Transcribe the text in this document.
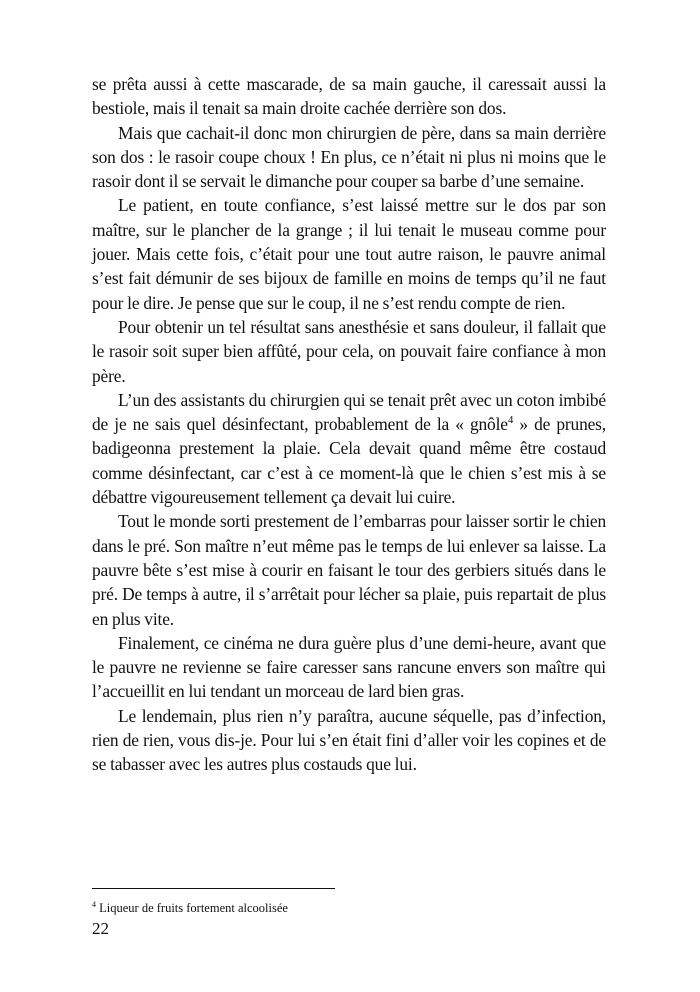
se prêta aussi à cette mascarade, de sa main gauche, il caressait aussi la bestiole, mais il tenait sa main droite cachée derrière son dos.

Mais que cachait-il donc mon chirurgien de père, dans sa main derrière son dos : le rasoir coupe choux ! En plus, ce n’était ni plus ni moins que le rasoir dont il se servait le dimanche pour couper sa barbe d’une semaine.

Le patient, en toute confiance, s’est laissé mettre sur le dos par son maître, sur le plancher de la grange ; il lui tenait le museau comme pour jouer. Mais cette fois, c’était pour une tout autre raison, le pauvre animal s’est fait démunir de ses bijoux de famille en moins de temps qu’il ne faut pour le dire. Je pense que sur le coup, il ne s’est rendu compte de rien.

Pour obtenir un tel résultat sans anesthésie et sans douleur, il fallait que le rasoir soit super bien affûté, pour cela, on pouvait faire confiance à mon père.

L’un des assistants du chirurgien qui se tenait prêt avec un coton imbibé de je ne sais quel désinfectant, probablement de la « gnôle$^4$ » de prunes, badigeonna prestement la plaie. Cela devait quand même être costaud comme désinfectant, car c’est à ce moment-là que le chien s’est mis à se débattre vigoureusement tellement ça devait lui cuire.

Tout le monde sorti prestement de l’embarras pour laisser sortir le chien dans le pré. Son maître n’eut même pas le temps de lui enlever sa laisse. La pauvre bête s’est mise à courir en faisant le tour des gerbiers situés dans le pré. De temps à autre, il s’arrêtait pour lécher sa plaie, puis repartait de plus en plus vite.

Finalement, ce cinéma ne dura guère plus d’une demi-heure, avant que le pauvre ne revienne se faire caresser sans rancune envers son maître qui l’accueillit en lui tendant un morceau de lard bien gras.

Le lendemain, plus rien n’y paraîtra, aucune séquelle, pas d’infection, rien de rien, vous dis-je. Pour lui s’en était fini d’aller voir les copines et de se tabasser avec les autres plus costauds que lui.

$^4$ Liqueur de fruits fortement alcoolisée
22
